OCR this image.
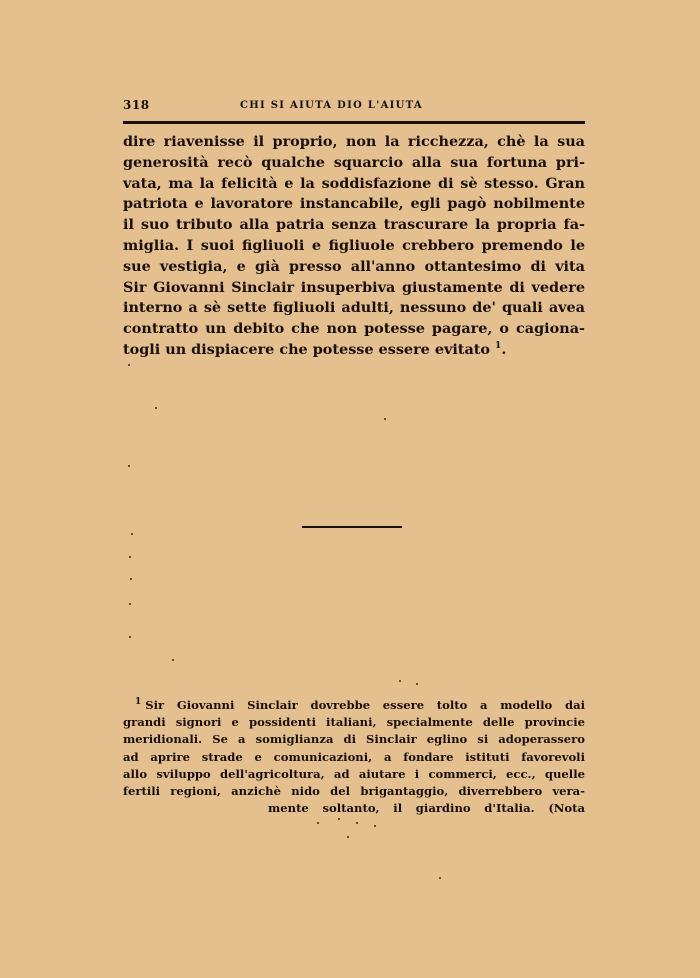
318	CHI SI AIUTA DIO L'AIUTA
dire riavenisse il proprio, non la ricchezza, chè la sua
generosità recò qualche squarcio alla sua fortuna pri-
vata, ma la felicità e la soddisfazione di sè stesso. Gran
patriota e lavoratore instancabile, egli pagò nobilmente
il suo tributo alla patria senza trascurare la propria fa-
miglia. I suoi figliuoli e figliuole crebbero premendo le
sue vestigia, e già presso all'anno ottantesimo di vita
Sir Giovanni Sinclair insuperbiva giustamente di vedere
interno a sè sette figliuoli adulti, nessuno de' quali avea
contratto un debito che non potesse pagare, o cagiona-
togli un dispiacere che potesse essere evitato $^1$.
$^1$ Sir Giovanni Sinclair dovrebbe essere tolto a modello dai
grandi signori e possidenti italiani, specialmente delle provincie
meridionali. Se a somiglianza di Sinclair eglino si adoperassero
ad aprire strade e comunicazioni, a fondare istituti favorevoli
allo sviluppo dell'agricoltura, ad aiutare i commerci, ecc., quelle
fertili regioni, anzichè nido del brigantaggio, diverrebbero vera-
mente soltanto, il giardino d'Italia. (Nota
